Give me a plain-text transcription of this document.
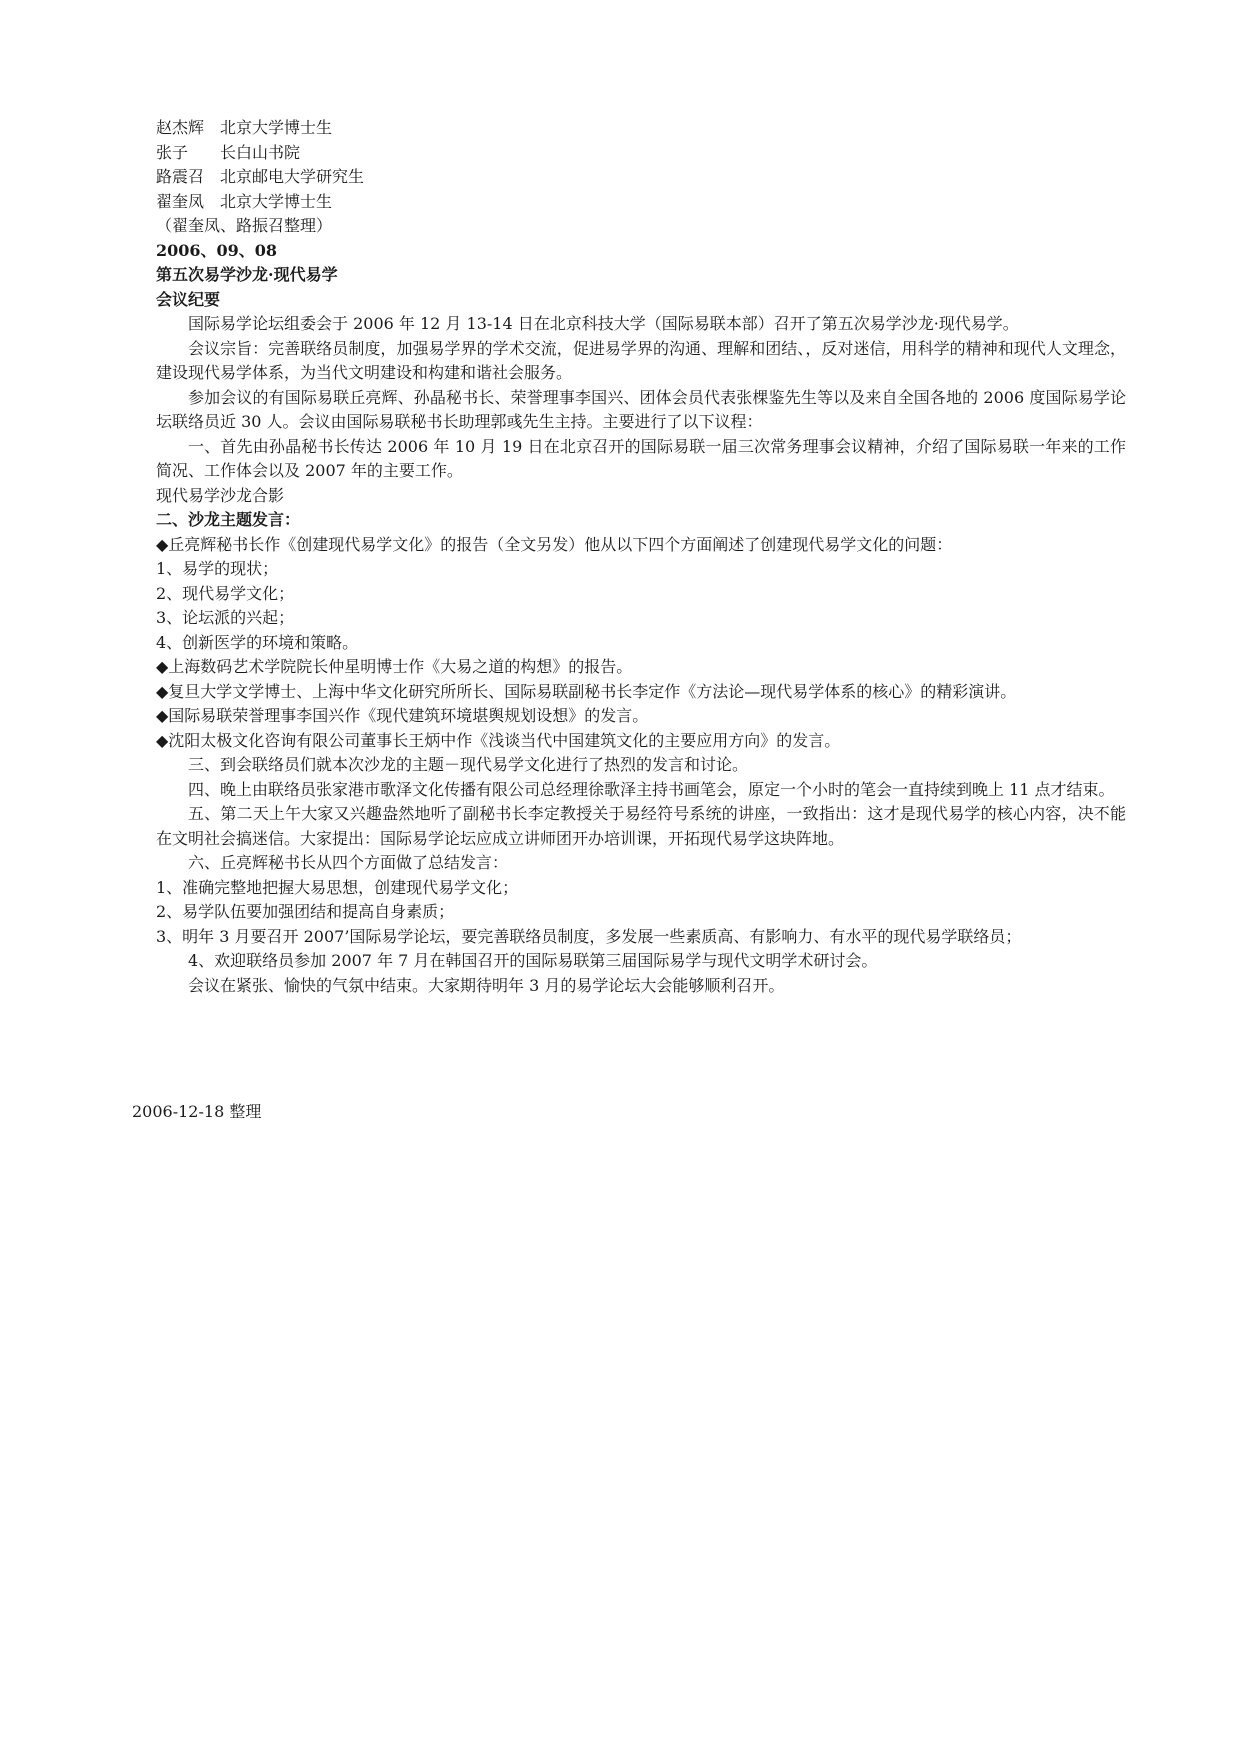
赵杰辉 北京大学博士生

张子 长白山书院

路震召 北京邮电大学研究生

翟奎凤 北京大学博士生

（翟奎凤、路振召整理）

2006、09、08

第五次易学沙龙·现代易学

会议纪要

国际易学论坛组委会于 2006 年 12 月 13-14 日在北京科技大学（国际易联本部）召开了第五次易学沙龙·现代易学。

会议宗旨：完善联络员制度，加强易学界的学术交流，促进易学界的沟通、理解和团结、，反对迷信，用科学的精神和现代人文理念，建设现代易学体系，为当代文明建设和构建和谐社会服务。

参加会议的有国际易联丘亮辉、孙晶秘书长、荣誉理事李国兴、团体会员代表张棵鉴先生等以及来自全国各地的 2006 度国际易学论坛联络员近 30 人。会议由国际易联秘书长助理郭彧先生主持。主要进行了以下议程：

一、首先由孙晶秘书长传达 2006 年 10 月 19 日在北京召开的国际易联一届三次常务理事会议精神，介绍了国际易联一年来的工作简况、工作体会以及 2007 年的主要工作。

现代易学沙龙合影

二、沙龙主题发言：

◆丘亮辉秘书长作《创建现代易学文化》的报告（全文另发）他从以下四个方面阐述了创建现代易学文化的问题：

1、易学的现状；

2、现代易学文化；

3、论坛派的兴起；

4、创新医学的环境和策略。

◆上海数码艺术学院院长仲星明博士作《大易之道的构想》的报告。

◆复旦大学文学博士、上海中华文化研究所所长、国际易联副秘书长李定作《方法论—现代易学体系的核心》的精彩演讲。

◆国际易联荣誉理事李国兴作《现代建筑环境堪舆规划设想》的发言。

◆沈阳太极文化咨询有限公司董事长王炳中作《浅谈当代中国建筑文化的主要应用方向》的发言。

三、到会联络员们就本次沙龙的主题－现代易学文化进行了热烈的发言和讨论。

四、晚上由联络员张家港市歌泽文化传播有限公司总经理徐歌泽主持书画笔会，原定一个小时的笔会一直持续到晚上 11 点才结束。

五、第二天上午大家又兴趣盎然地听了副秘书长李定教授关于易经符号系统的讲座，一致指出：这才是现代易学的核心内容，决不能在文明社会搞迷信。大家提出：国际易学论坛应成立讲师团开办培训课，开拓现代易学这块阵地。

六、丘亮辉秘书长从四个方面做了总结发言：

1、准确完整地把握大易思想，创建现代易学文化；

2、易学队伍要加强团结和提高自身素质；

3、明年 3 月要召开 2007’国际易学论坛，要完善联络员制度，多发展一些素质高、有影响力、有水平的现代易学联络员；

4、欢迎联络员参加 2007 年 7 月在韩国召开的国际易联第三届国际易学与现代文明学术研讨会。

会议在紧张、愉快的气氛中结束。大家期待明年 3 月的易学论坛大会能够顺利召开。

2006-12-18 整理
